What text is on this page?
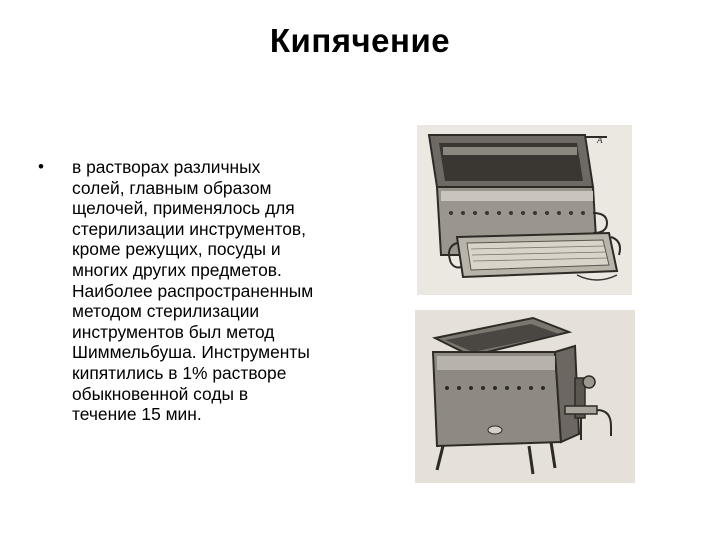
Кипячение
•	в растворах различных
солей, главным образом
щелочей, применялось для
стерилизации инструментов,
кроме режущих, посуды и
многих других предметов.
Наиболее распространенным
методом стерилизации
инструментов был метод
Шиммельбуша. Инструменты
кипятились в 1% растворе
обыкновенной соды в
течение 15 мин.
А
